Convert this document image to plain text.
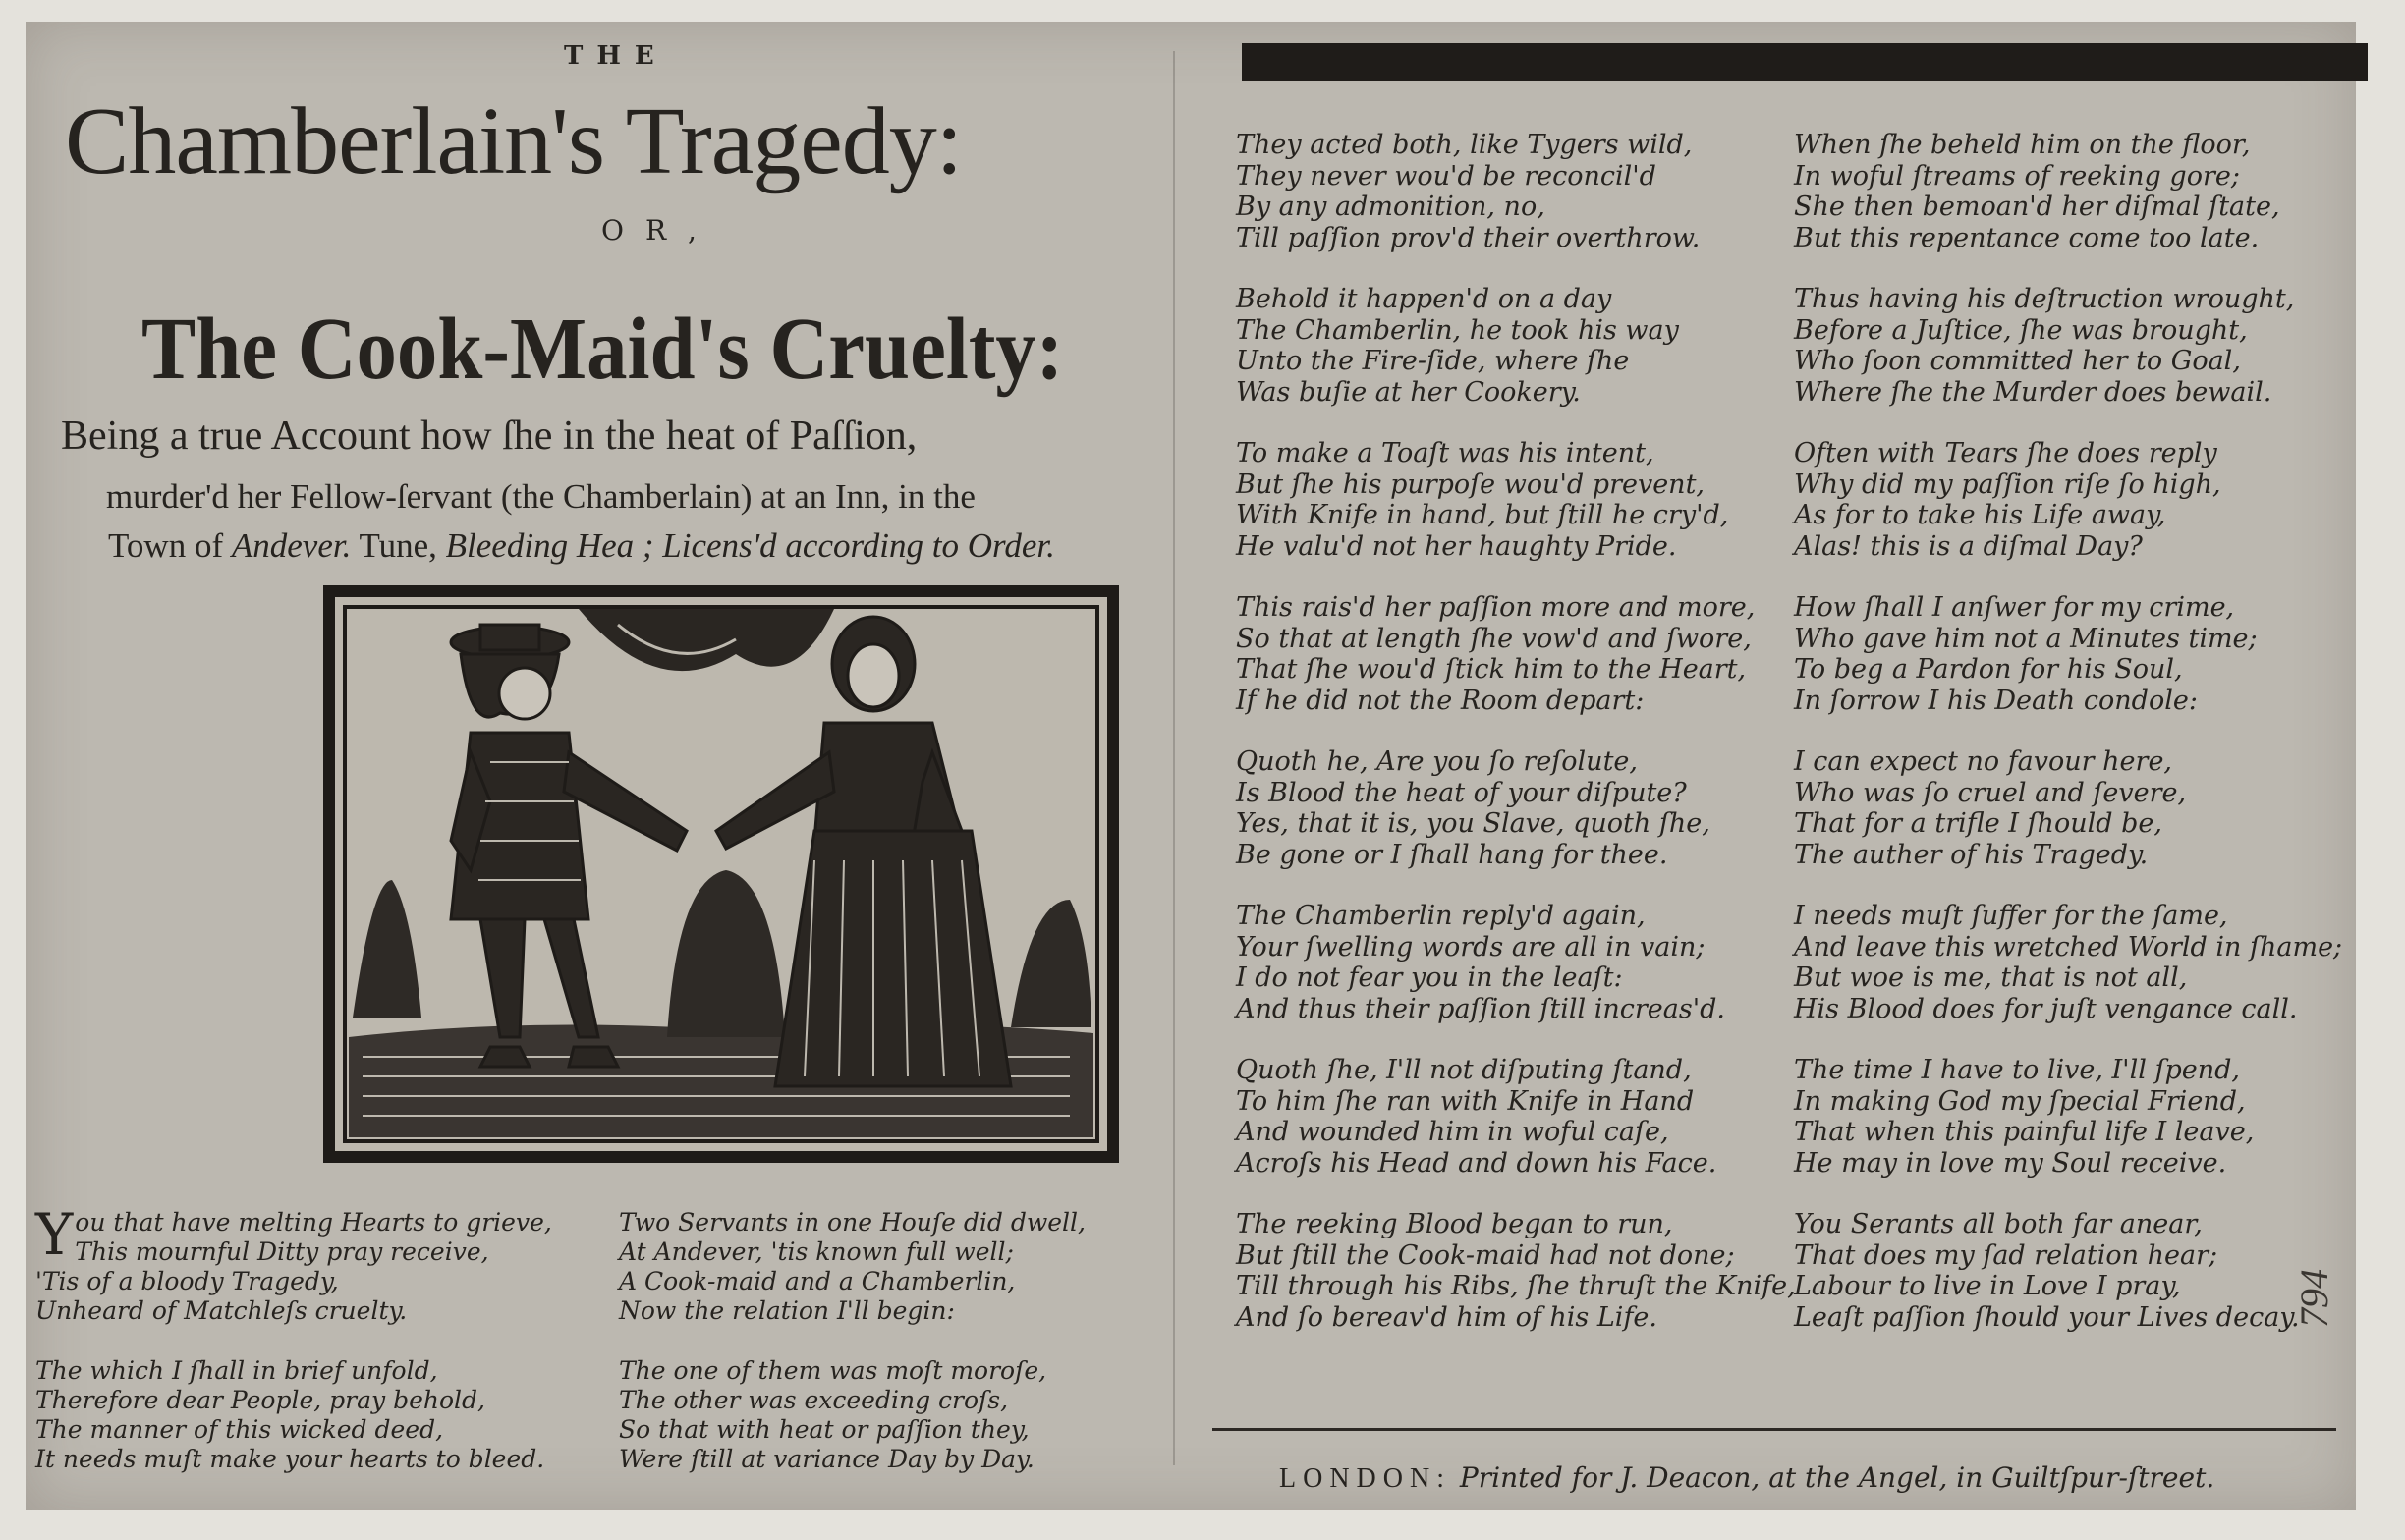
THE
Chamberlain's Tragedy:
OR,
The Cook-Maid's Cruelty:
Being a true Account how ſhe in the heat of Paſſion,
murder'd her Fellow-ſervant (the Chamberlain) at an Inn, in the
Town of Andever. Tune, Bleeding Hea ; Licens'd according to Order.
You that have melting Hearts to grieve,
This mournful Ditty pray receive,
'Tis of a bloody Tragedy,
Unheard of Matchleſs cruelty.
The which I ſhall in brief unfold,
Therefore dear People, pray behold,
The manner of this wicked deed,
It needs muſt make your hearts to bleed.
Two Servants in one Houſe did dwell,
At Andever, 'tis known full well;
A Cook-maid and a Chamberlin,
Now the relation I'll begin:
The one of them was moſt moroſe,
The other was exceeding croſs,
So that with heat or paſſion they,
Were ſtill at variance Day by Day.
They acted both, like Tygers wild,
They never wou'd be reconcil'd
By any admonition, no,
Till paſſion prov'd their overthrow.
Behold it happen'd on a day
The Chamberlin, he took his way
Unto the Fire-ſide, where ſhe
Was buſie at her Cookery.
To make a Toaſt was his intent,
But ſhe his purpoſe wou'd prevent,
With Knife in hand, but ſtill he cry'd,
He valu'd not her haughty Pride.
This rais'd her paſſion more and more,
So that at length ſhe vow'd and ſwore,
That ſhe wou'd ſtick him to the Heart,
If he did not the Room depart:
Quoth he, Are you ſo reſolute,
Is Blood the heat of your diſpute?
Yes, that it is, you Slave, quoth ſhe,
Be gone or I ſhall hang for thee.
The Chamberlin reply'd again,
Your ſwelling words are all in vain;
I do not fear you in the leaſt:
And thus their paſſion ſtill increas'd.
Quoth ſhe, I'll not diſputing ſtand,
To him ſhe ran with Knife in Hand
And wounded him in woful caſe,
Acroſs his Head and down his Face.
The reeking Blood began to run,
But ſtill the Cook-maid had not done;
Till through his Ribs, ſhe thruſt the Knife,
And ſo bereav'd him of his Life.
When ſhe beheld him on the floor,
In woful ſtreams of reeking gore;
She then bemoan'd her diſmal ſtate,
But this repentance come too late.
Thus having his deſtruction wrought,
Before a Juſtice, ſhe was brought,
Who ſoon committed her to Goal,
Where ſhe the Murder does bewail.
Often with Tears ſhe does reply
Why did my paſſion riſe ſo high,
As for to take his Life away,
Alas! this is a diſmal Day?
How ſhall I anſwer for my crime,
Who gave him not a Minutes time;
To beg a Pardon for his Soul,
In ſorrow I his Death condole:
I can expect no favour here,
Who was ſo cruel and ſevere,
That for a trifle I ſhould be,
The auther of his Tragedy.
I needs muſt ſuffer for the ſame,
And leave this wretched World in ſhame;
But woe is me, that is not all,
His Blood does for juſt vengance call.
The time I have to live, I'll ſpend,
In making God my ſpecial Friend,
That when this painful life I leave,
He may in love my Soul receive.
You Serants all both far anear,
That does my ſad relation hear;
Labour to live in Love I pray,
Leaſt paſſion ſhould your Lives decay.
LONDON: Printed for J. Deacon, at the Angel, in Guiltſpur-ſtreet.
794
